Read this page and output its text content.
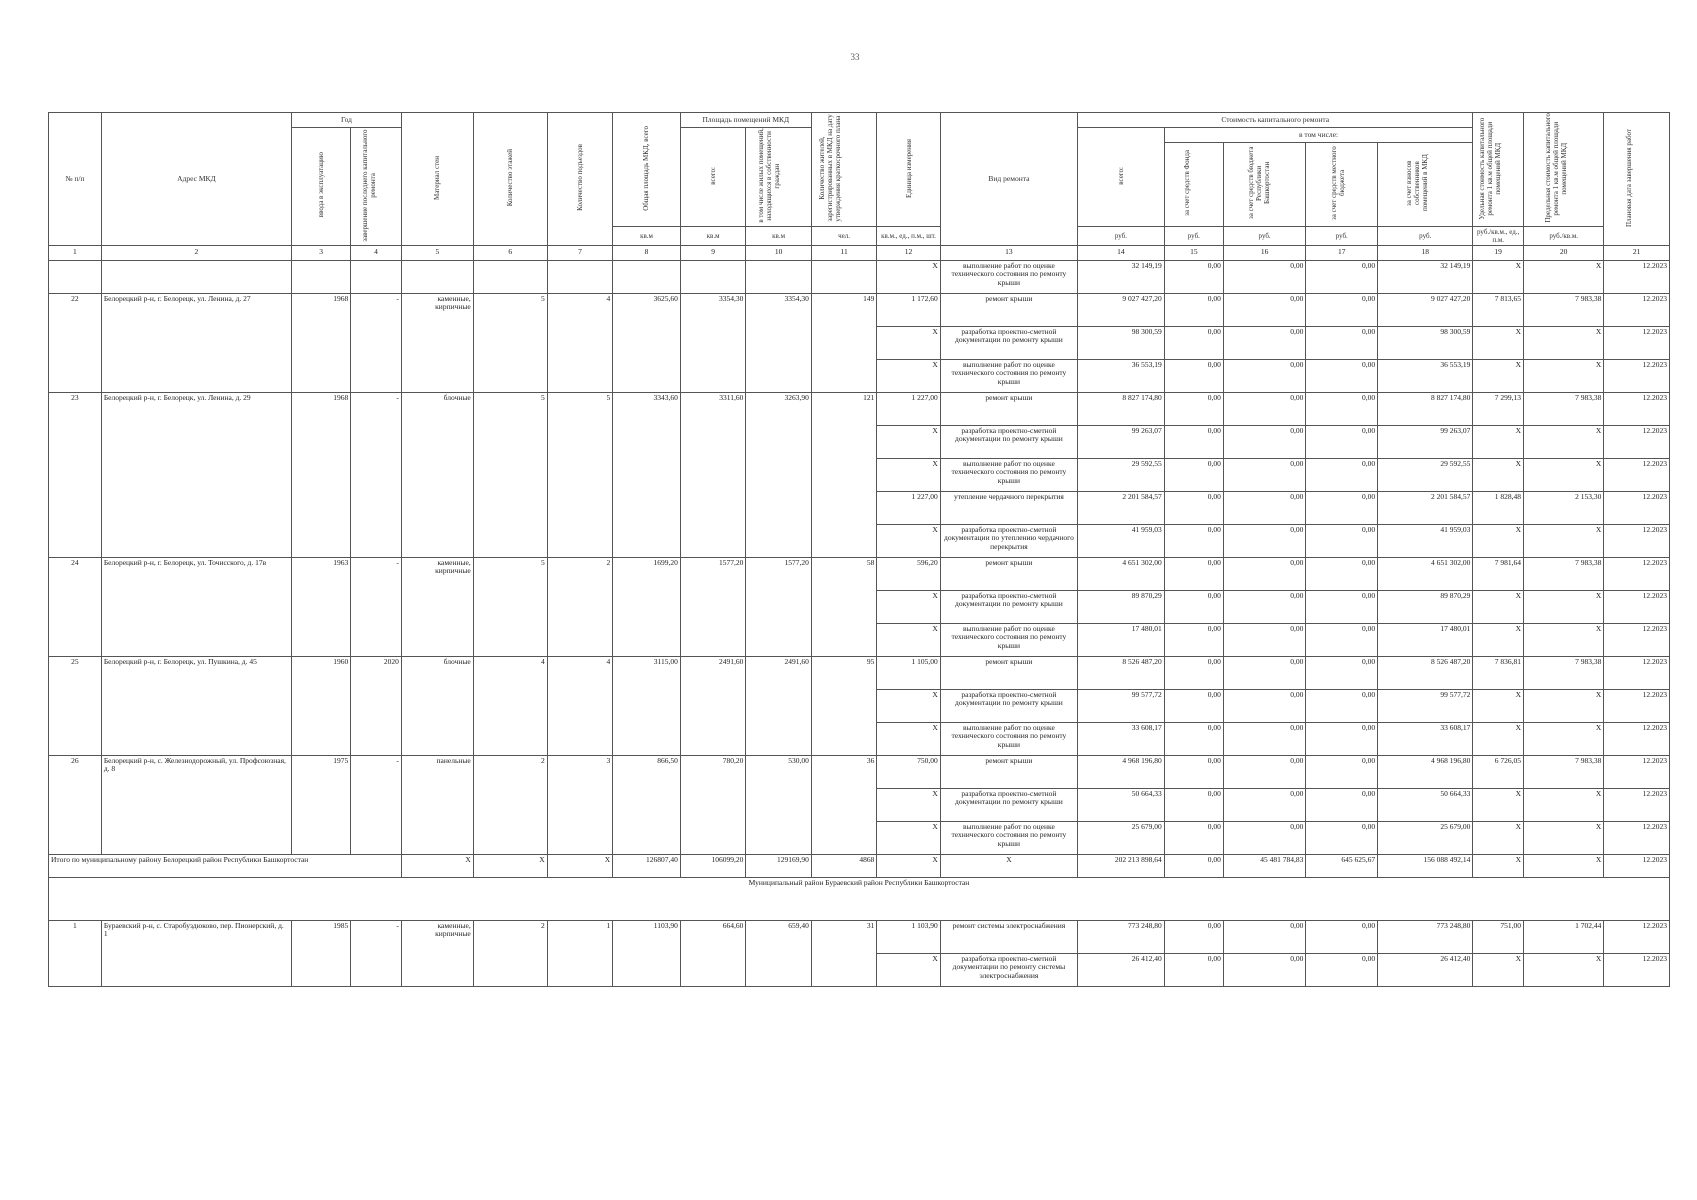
33
№ п/п	Адрес МКД	Год		Материал стен	Количество этажей	Количество подъездов	Общая площадь МКД, всего	Площадь помещений МКД		Количество жителей, зарегистрированных в МКД на дату утверждения краткосрочного плана	Единица измерения	Вид ремонта	Стоимость капитального ремонта					Удельная стоимость капитального ремонта 1 кв.м общей площади помещений МКД	Предельная стоимость капитального ремонта 1 кв.м общей площади помещений МКД	Плановая дата завершения работ
		ввода в эксплуатацию	завершение последнего капитального ремонта					всего:	в том числе жилых помещений, находящихся в собственности граждан				всего:	в том числе:						
														за счет средств Фонда	за счет средств бюджета Республики Башкортостан	за счет средств местного бюджета	за счет взносов собственников помещений в МКД			
							кв.м	кв.м	кв.м	чел.	кв.м., ед., п.м., шт.		руб.	руб.	руб.	руб.	руб.	руб./кв.м., ед., п.м.	руб./кв.м.	
1	2	3	4	5	6	7	8	9	10	11	12	13	14	15	16	17	18	19	20	21
											X	выполнение работ по оценке технического состояния по ремонту крыши	32 149,19	0,00	0,00	0,00	32 149,19	X	X	12.2023
22	Белорецкий р-н, г. Белорецк, ул. Ленина, д. 27	1968	-	каменные, кирпичные	5	4	3625,60	3354,30	3354,30	149	1 172,60	ремонт крыши	9 027 427,20	0,00	0,00	0,00	9 027 427,20	7 813,65	7 983,38	12.2023
											X	разработка проектно-сметной документации по ремонту крыши	98 300,59	0,00	0,00	0,00	98 300,59	X	X	12.2023
											X	выполнение работ по оценке технического состояния по ремонту крыши	36 553,19	0,00	0,00	0,00	36 553,19	X	X	12.2023
23	Белорецкий р-н, г. Белорецк, ул. Ленина, д. 29	1968	-	блочные	5	5	3343,60	3311,60	3263,90	121	1 227,00	ремонт крыши	8 827 174,80	0,00	0,00	0,00	8 827 174,80	7 299,13	7 983,38	12.2023
											X	разработка проектно-сметной документации по ремонту крыши	99 263,07	0,00	0,00	0,00	99 263,07	X	X	12.2023
											X	выполнение работ по оценке технического состояния по ремонту крыши	29 592,55	0,00	0,00	0,00	29 592,55	X	X	12.2023
											1 227,00	утепление чердачного перекрытия	2 201 584,57	0,00	0,00	0,00	2 201 584,57	1 828,48	2 153,30	12.2023
											X	разработка проектно-сметной документации по утеплению чердачного перекрытия	41 959,03	0,00	0,00	0,00	41 959,03	X	X	12.2023
24	Белорецкий р-н, г. Белорецк, ул. Точисского, д. 17в	1963	-	каменные, кирпичные	5	2	1699,20	1577,20	1577,20	58	596,20	ремонт крыши	4 651 302,00	0,00	0,00	0,00	4 651 302,00	7 981,64	7 983,38	12.2023
											X	разработка проектно-сметной документации по ремонту крыши	89 870,29	0,00	0,00	0,00	89 870,29	X	X	12.2023
											X	выполнение работ по оценке технического состояния по ремонту крыши	17 480,01	0,00	0,00	0,00	17 480,01	X	X	12.2023
25	Белорецкий р-н, г. Белорецк, ул. Пушкина, д. 45	1960	2020	блочные	4	4	3115,00	2491,60	2491,60	95	1 105,00	ремонт крыши	8 526 487,20	0,00	0,00	0,00	8 526 487,20	7 836,81	7 983,38	12.2023
											X	разработка проектно-сметной документации по ремонту крыши	99 577,72	0,00	0,00	0,00	99 577,72	X	X	12.2023
											X	выполнение работ по оценке технического состояния по ремонту крыши	33 608,17	0,00	0,00	0,00	33 608,17	X	X	12.2023
26	Белорецкий р-н, с. Железнодорожный, ул. Профсоюзная, д. 8	1975	-	панельные	2	3	866,50	780,20	530,00	36	750,00	ремонт крыши	4 968 196,80	0,00	0,00	0,00	4 968 196,80	6 726,05	7 983,38	12.2023
											X	разработка проектно-сметной документации по ремонту крыши	50 664,33	0,00	0,00	0,00	50 664,33	X	X	12.2023
											X	выполнение работ по оценке технического состояния по ремонту крыши	25 679,00	0,00	0,00	0,00	25 679,00	X	X	12.2023
Итого по муниципальному району Белорецкий район Республики Башкортостан				X	X	X	126807,40	106099,20	129169,90	4868	X	X	202 213 898,64	0,00	45 481 784,83	645 625,67	156 088 492,14	X	X	12.2023
Муниципальный район Бураевский район Республики Башкортостан																				
1	Бураевский р-н, с. Старобуздюково, пер. Пионерский, д. 1	1985	-	каменные, кирпичные	2	1	1103,90	664,60	659,40	31	1 103,90	ремонт системы электроснабжения	773 248,80	0,00	0,00	0,00	773 248,80	751,00	1 702,44	12.2023
											X	разработка проектно-сметной документации по ремонту системы электроснабжения	26 412,40	0,00	0,00	0,00	26 412,40	X	X	12.2023
